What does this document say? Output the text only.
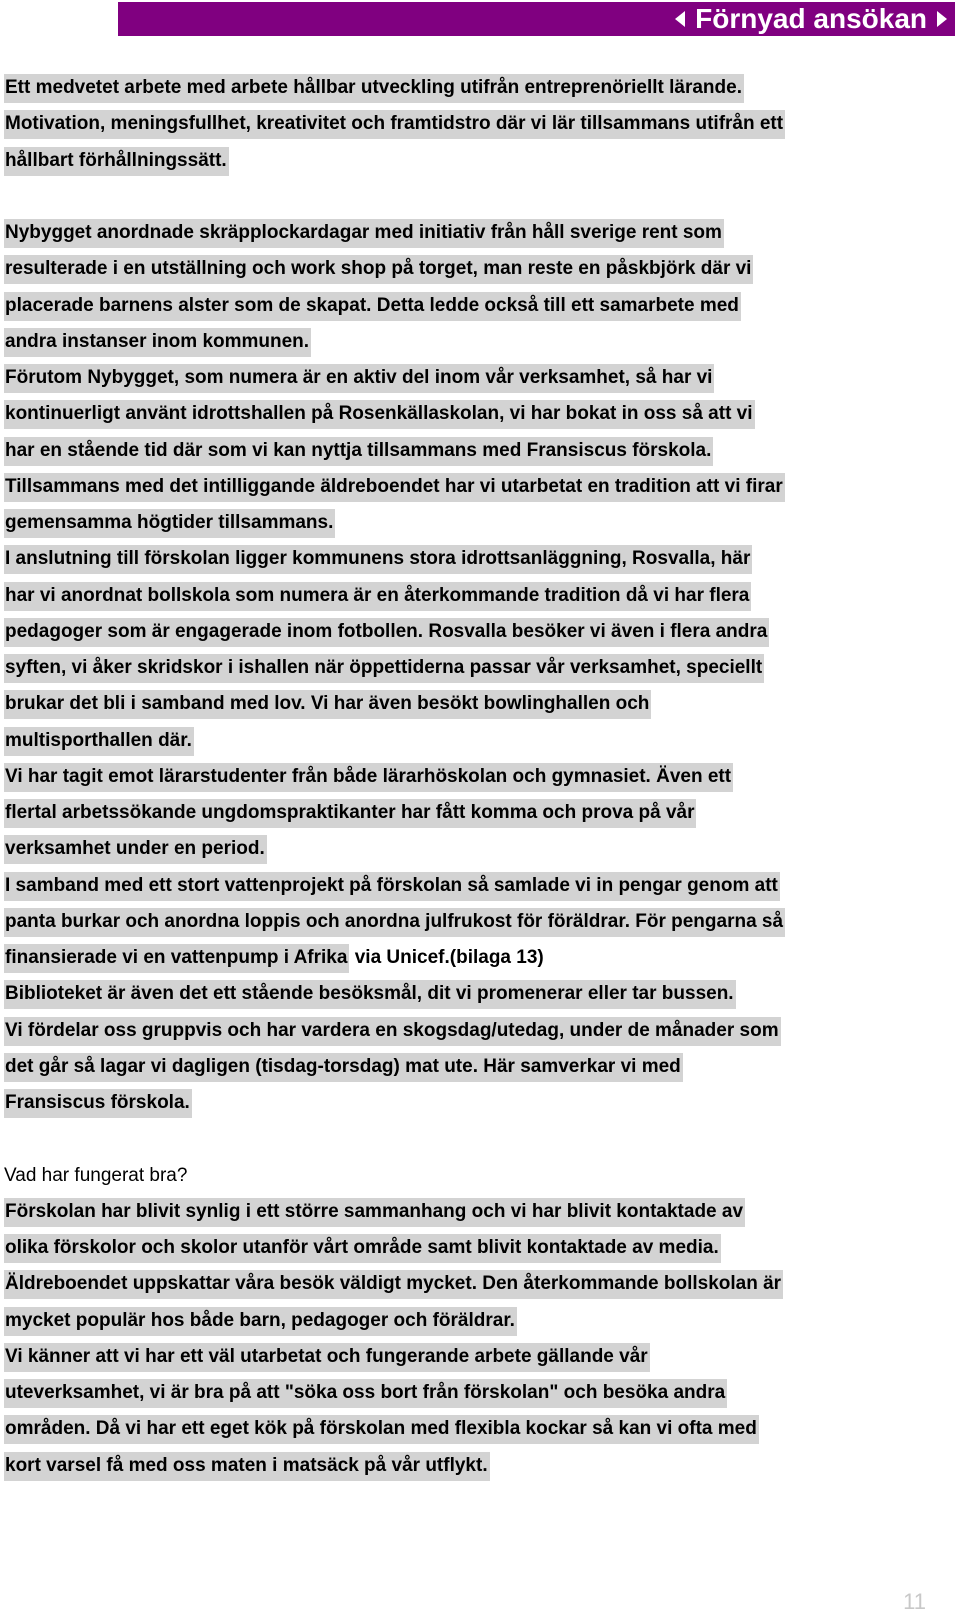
Förnyad ansökan
Ett medvetet arbete med arbete hållbar utveckling utifrån entreprenöriellt lärande.
Motivation, meningsfullhet, kreativitet och framtidstro där vi lär tillsammans utifrån ett
hållbart förhållningssätt.
Nybygget anordnade skräpplockardagar med initiativ från håll sverige rent som
resulterade i en utställning och work shop på torget, man reste en påskbjörk där vi
placerade barnens alster som de skapat. Detta ledde också till ett samarbete med
andra instanser inom kommunen.
Förutom Nybygget, som numera är en aktiv del inom vår verksamhet, så har vi
kontinuerligt använt idrottshallen på Rosenkällaskolan, vi har bokat in oss så att vi
har en stående tid där som vi kan nyttja tillsammans med Fransiscus förskola.
Tillsammans med det intilliggande äldreboendet har vi utarbetat en tradition att vi firar
gemensamma högtider tillsammans.
I anslutning till förskolan ligger kommunens stora idrottsanläggning, Rosvalla, här
har vi anordnat bollskola som numera är en återkommande tradition då vi har flera
pedagoger som är engagerade inom fotbollen. Rosvalla besöker vi även i flera andra
syften, vi åker skridskor i ishallen när öppettiderna passar vår verksamhet, speciellt
brukar det bli i samband med lov. Vi har även besökt bowlinghallen och
multisporthallen där.
Vi har tagit emot lärarstudenter från både lärarhöskolan och gymnasiet. Även ett
flertal arbetssökande ungdomspraktikanter har fått komma och prova på vår
verksamhet under en period.
I samband med ett stort vattenprojekt på förskolan så samlade vi in pengar genom att
panta burkar och anordna loppis och anordna julfrukost för föräldrar. För pengarna så
finansierade vi en vattenpump i Afrika via Unicef.(bilaga 13)
Biblioteket är även det ett stående besöksmål, dit vi promenerar eller tar bussen.
Vi fördelar oss gruppvis och har vardera en skogsdag/utedag, under de månader som
det går så lagar vi dagligen (tisdag-torsdag) mat ute. Här samverkar vi med
Fransiscus förskola.
Vad har fungerat bra?
Förskolan har blivit synlig i ett större sammanhang och vi har blivit kontaktade av
olika förskolor och skolor utanför vårt område samt blivit kontaktade av media.
Äldreboendet uppskattar våra besök väldigt mycket. Den återkommande bollskolan är
mycket populär hos både barn, pedagoger och föräldrar.
Vi känner att vi har ett väl utarbetat och fungerande arbete gällande vår
uteverksamhet, vi är bra på att "söka oss bort från förskolan" och besöka andra
områden. Då vi har ett eget kök på förskolan med flexibla kockar så kan vi ofta med
kort varsel få med oss maten i matsäck på vår utflykt.
11
